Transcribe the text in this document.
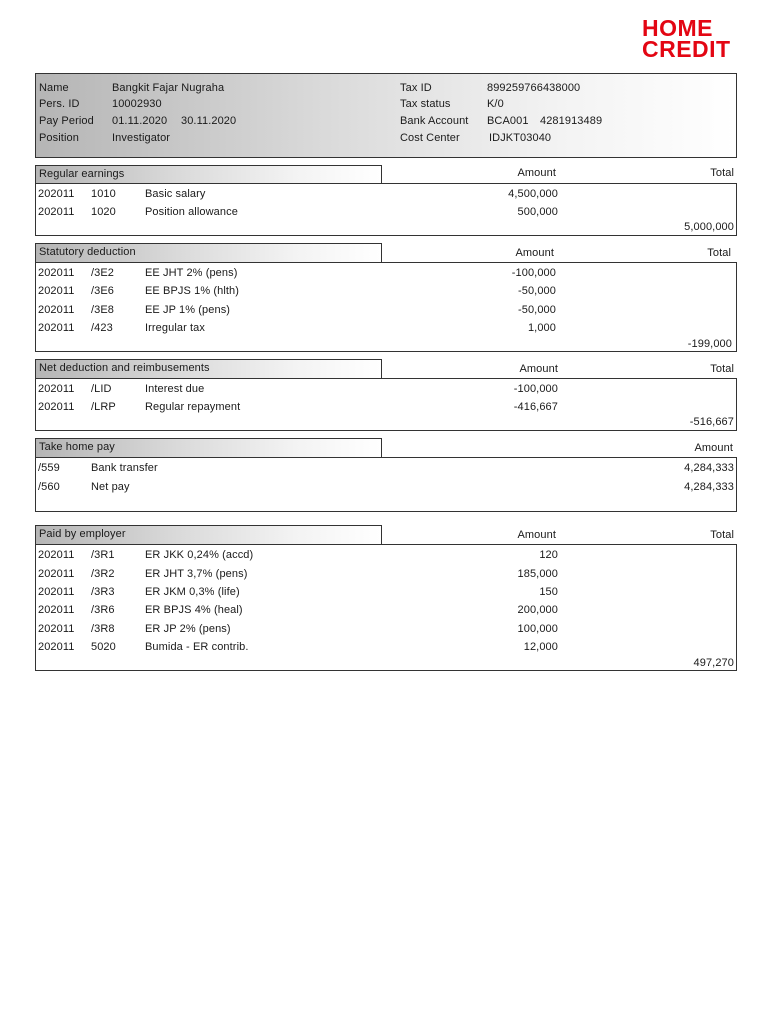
HOME
CREDIT
Name	Bangkit Fajar Nugraha
Pers. ID	10002930
Pay Period 01.11.2020 30.11.2020
Position	Investigator
Tax ID	899259766438000
Tax status	K/0
Bank Account BCA001 4281913489
Cost Center	IDJKT03040
Regular earnings	Amount	Total
202011 1010	Basic salary	4,500,000
202011 1020	Position allowance	500,000
5,000,000
Statutory deduction	Amount	Total
202011 /3E2	EE JHT 2% (pens)	-100,000
202011 /3E6	EE BPJS 1% (hlth)	-50,000
202011 /3E8	EE JP 1% (pens)	-50,000
202011 /423	Irregular tax	1,000
-199,000
Net deduction and reimbusements	Amount	Total
202011 /LID	Interest due	-100,000
202011 /LRP	Regular repayment	-416,667
-516,667
Take home pay	Amount
/559	Bank transfer	4,284,333
/560	Net pay	4,284,333
Paid by employer	Amount	Total
202011 /3R1	ER JKK 0,24% (accd)	120
202011 /3R2	ER JHT 3,7% (pens)	185,000
202011 /3R3	ER JKM 0,3% (life)	150
202011 /3R6	ER BPJS 4% (heal)	200,000
202011 /3R8	ER JP 2% (pens)	100,000
202011 5020	Bumida - ER contrib.	12,000
497,270
